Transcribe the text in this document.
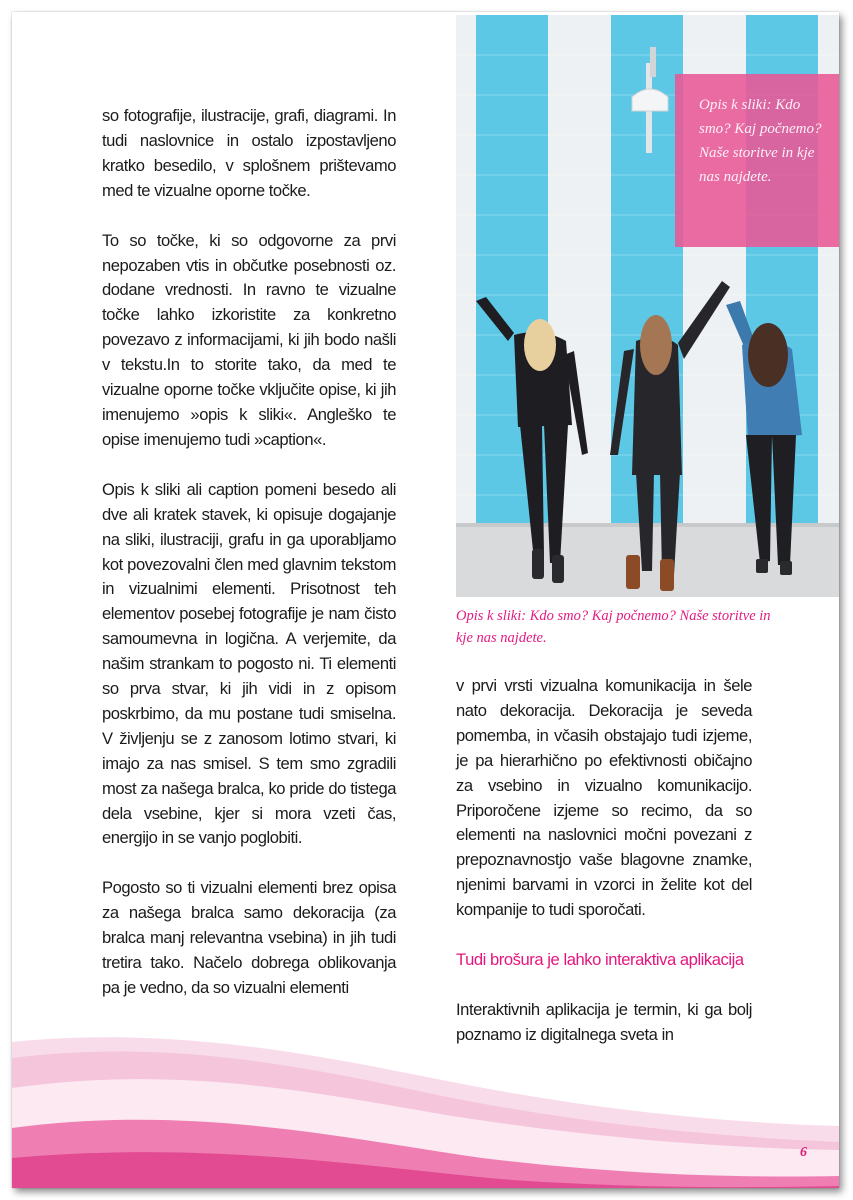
so fotografije, ilustracije, grafi, diagrami. In tudi naslovnice in ostalo izpostavljeno kratko besedilo, v splošnem prištevamo med te vizualne oporne točke.

To so točke, ki so odgovorne za prvi nepozaben vtis in občutke posebnosti oz. dodane vrednosti. In ravno te vizualne točke lahko izkoristite za konkretno povezavo z informacijami, ki jih bodo našli v tekstu.In to storite tako, da med te vizualne oporne točke vključite opise, ki jih imenujemo »opis k sliki«. Angleško te opise imenujemo tudi »caption«.

Opis k sliki ali caption pomeni besedo ali dve ali kratek stavek, ki opisuje dogajanje na sliki, ilustraciji, grafu in ga uporabljamo kot povezovalni člen med glavnim tekstom in vizualnimi elementi. Prisotnost teh elementov posebej fotografije je nam čisto samoumevna in logična. A verjemite, da našim strankam to pogosto ni. Ti elementi so prva stvar, ki jih vidi in z opisom poskrbimo, da mu postane tudi smiselna. V življenju se z zanosom lotimo stvari, ki imajo za nas smisel. S tem smo zgradili most za našega bralca, ko pride do tistega dela vsebine, kjer si mora vzeti čas, energijo in se vanjo poglobiti.

Pogosto so ti vizualni elementi brez opisa za našega bralca samo dekoracija (za bralca manj relevantna vsebina) in jih tudi tretira tako. Načelo dobrega oblikovanja pa je vedno, da so vizualni elementi

Opis k sliki: Kdo smo? Kaj počnemo? Naše storitve in kje nas najdete.
Opis k sliki: Kdo smo? Kaj počnemo? Naše storitve in kje nas najdete.

v prvi vrsti vizualna komunikacija in šele nato dekoracija. Dekoracija je seveda pomemba, in včasih obstajajo tudi izjeme, je pa hierarhično po efektivnosti običajno za vsebino in vizualno komunikacijo. Priporočene izjeme so recimo, da so elementi na naslovnici močni povezani z prepoznavnostjo vaše blagovne znamke, njenimi barvami in vzorci in želite kot del kompanije to tudi sporočati.

Tudi brošura je lahko interaktiva aplikacija

Interaktivnih aplikacija je termin, ki ga bolj poznamo iz digitalnega sveta in

6
